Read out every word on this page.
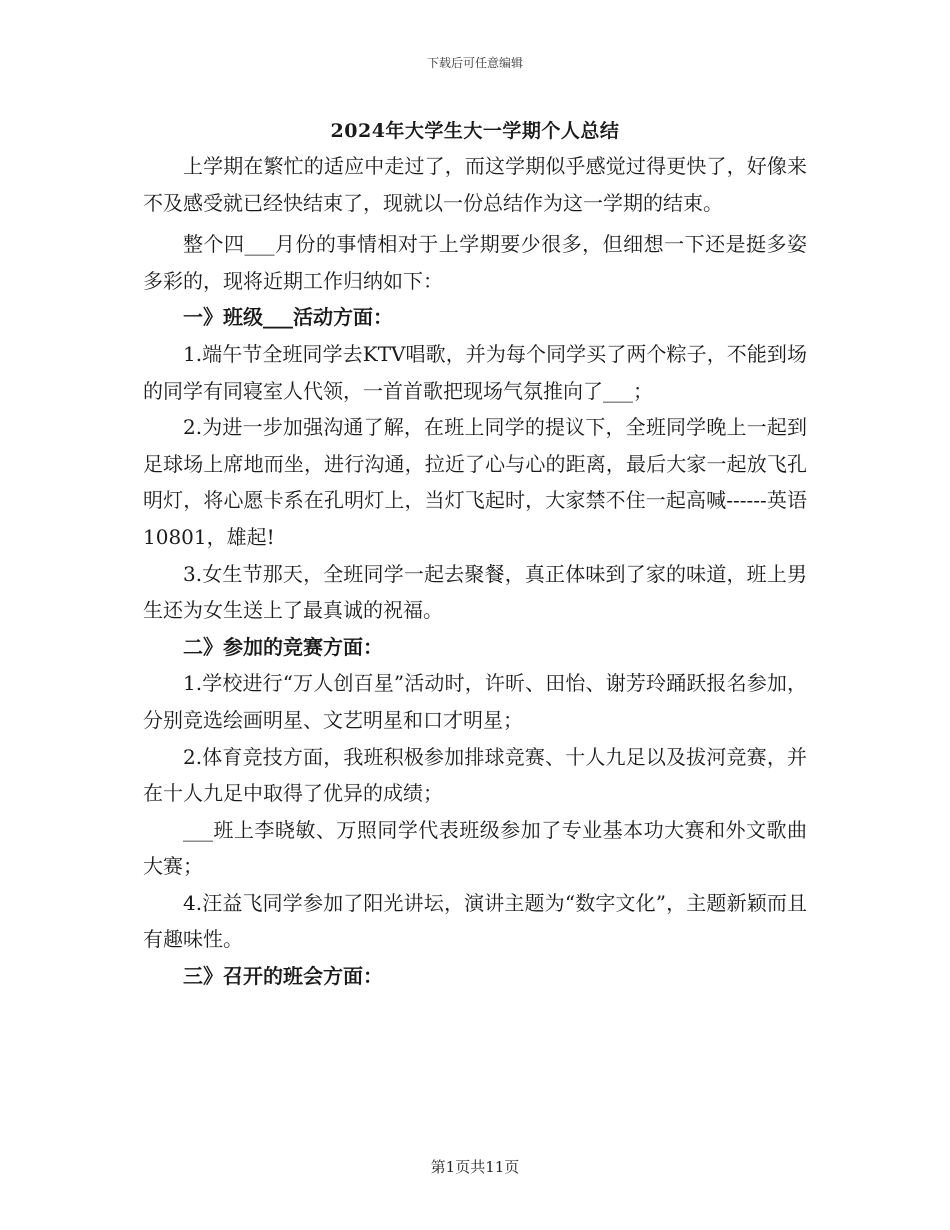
下载后可任意编辑
2024年大学生大一学期个人总结

上学期在繁忙的适应中走过了，而这学期似乎感觉过得更快了，好像来不及感受就已经快结束了，现就以一份总结作为这一学期的结束。

整个四___月份的事情相对于上学期要少很多，但细想一下还是挺多姿多彩的，现将近期工作归纳如下：

一》班级___活动方面：

1.端午节全班同学去KTV唱歌，并为每个同学买了两个粽子，不能到场的同学有同寝室人代领，一首首歌把现场气氛推向了___；

2.为进一步加强沟通了解，在班上同学的提议下，全班同学晚上一起到足球场上席地而坐，进行沟通，拉近了心与心的距离，最后大家一起放飞孔明灯，将心愿卡系在孔明灯上，当灯飞起时，大家禁不住一起高喊------英语10801，雄起!

3.女生节那天，全班同学一起去聚餐，真正体味到了家的味道，班上男生还为女生送上了最真诚的祝福。

二》参加的竞赛方面：

1.学校进行“万人创百星”活动时，许昕、田怡、谢芳玲踊跃报名参加，分别竞选绘画明星、文艺明星和口才明星；

2.体育竞技方面，我班积极参加排球竞赛、十人九足以及拔河竞赛，并在十人九足中取得了优异的成绩；

___班上李晓敏、万照同学代表班级参加了专业基本功大赛和外文歌曲大赛；

4.汪益飞同学参加了阳光讲坛，演讲主题为“数字文化”，主题新颖而且有趣味性。

三》召开的班会方面：

第1页共11页
